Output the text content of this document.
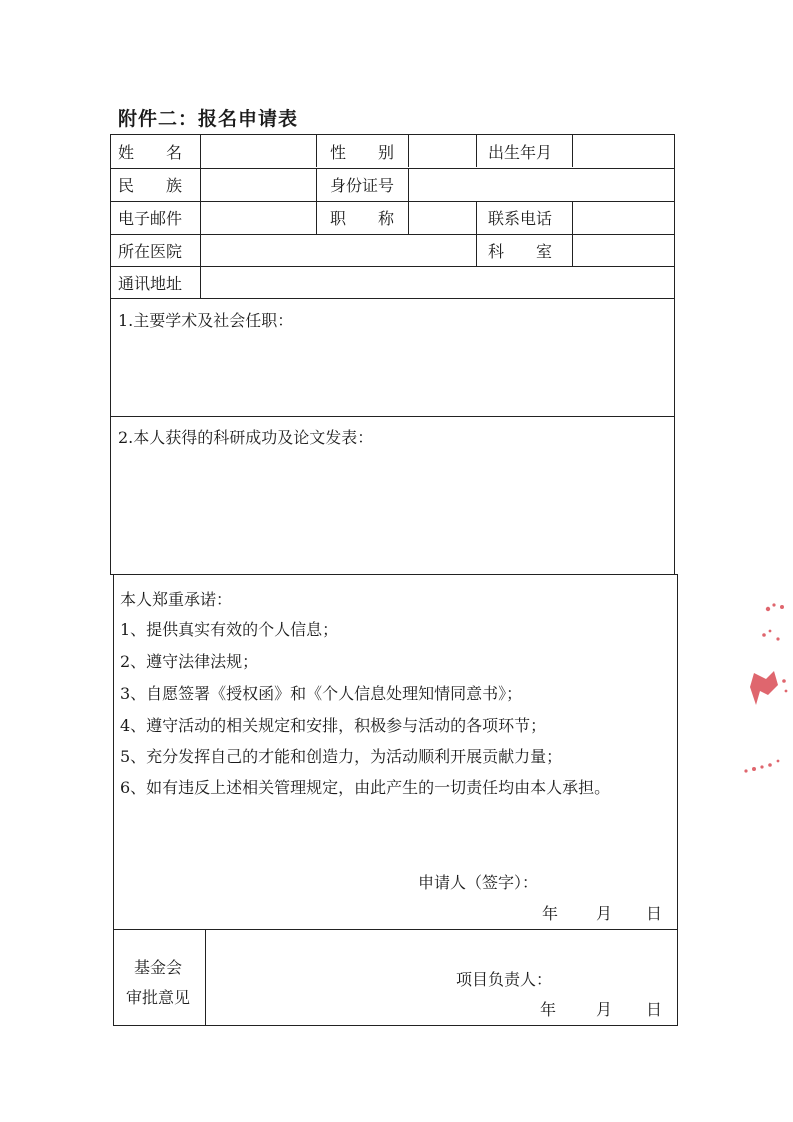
附件二：报名申请表
姓　　名	性　　别	出生年月
民　　族	身份证号
电子邮件	职　　称	联系电话
所在医院	科　　室
通讯地址
1.主要学术及社会任职：
2.本人获得的科研成功及论文发表：
本人郑重承诺：
1、提供真实有效的个人信息；
2、遵守法律法规；
3、自愿签署《授权函》和《个人信息处理知情同意书》；
4、遵守活动的相关规定和安排，积极参与活动的各项环节；
5、充分发挥自己的才能和创造力，为活动顺利开展贡献力量；
6、如有违反上述相关管理规定，由此产生的一切责任均由本人承担。
申请人（签字）：
年 月 日
基金会
审批意见
项目负责人：
年 月 日
